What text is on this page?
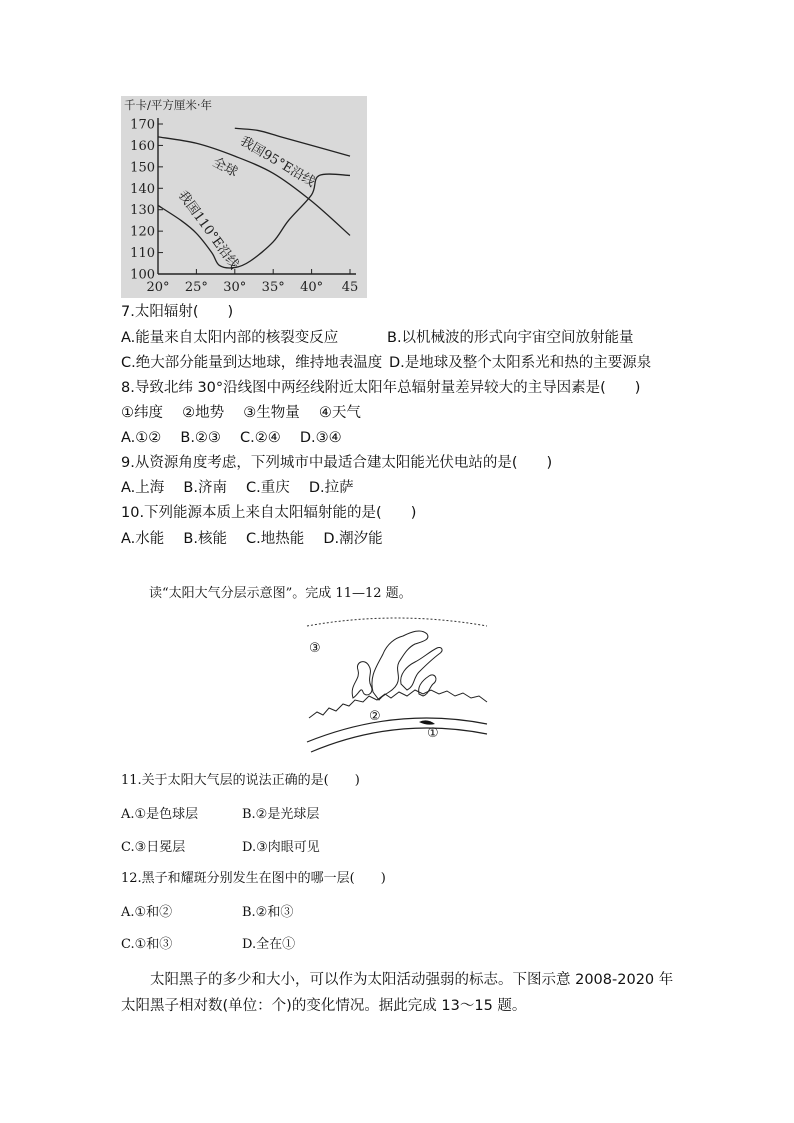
千卡/平方厘米·年
170
160
150
140
130
120
110
100
20° 25° 30° 35° 40° 45
全球
我国110°E沿线
我国95°E沿线
7.太阳辐射(　　)
A.能量来自太阳内部的核裂变反应	B.以机械波的形式向宇宙空间放射能量
C.绝大部分能量到达地球，维持地表温度 D.是地球及整个太阳系光和热的主要源泉
8.导致北纬 30°沿线图中两经线附近太阳年总辐射量差异较大的主导因素是(　　)
①纬度　 ②地势　 ③生物量　 ④天气
A.①②　 B.②③　 C.②④　 D.③④
9.从资源角度考虑，下列城市中最适合建太阳能光伏电站的是(　　)
A.上海　 B.济南　 C.重庆　 D.拉萨
10.下列能源本质上来自太阳辐射能的是(　　)
A.水能　 B.核能　 C.地热能　 D.潮汐能
读“太阳大气分层示意图”。完成 11—12 题。
③
②
①
11.关于太阳大气层的说法正确的是(　　)
A.①是色球层	B.②是光球层
C.③日冕层	D.③肉眼可见
12.黑子和耀斑分别发生在图中的哪一层(　　)
A.①和②	B.②和③
C.①和③	D.全在①
太阳黑子的多少和大小，可以作为太阳活动强弱的标志。下图示意 2008-2020 年太阳黑子相对数(单位：个)的变化情况。据此完成 13～15 题。
